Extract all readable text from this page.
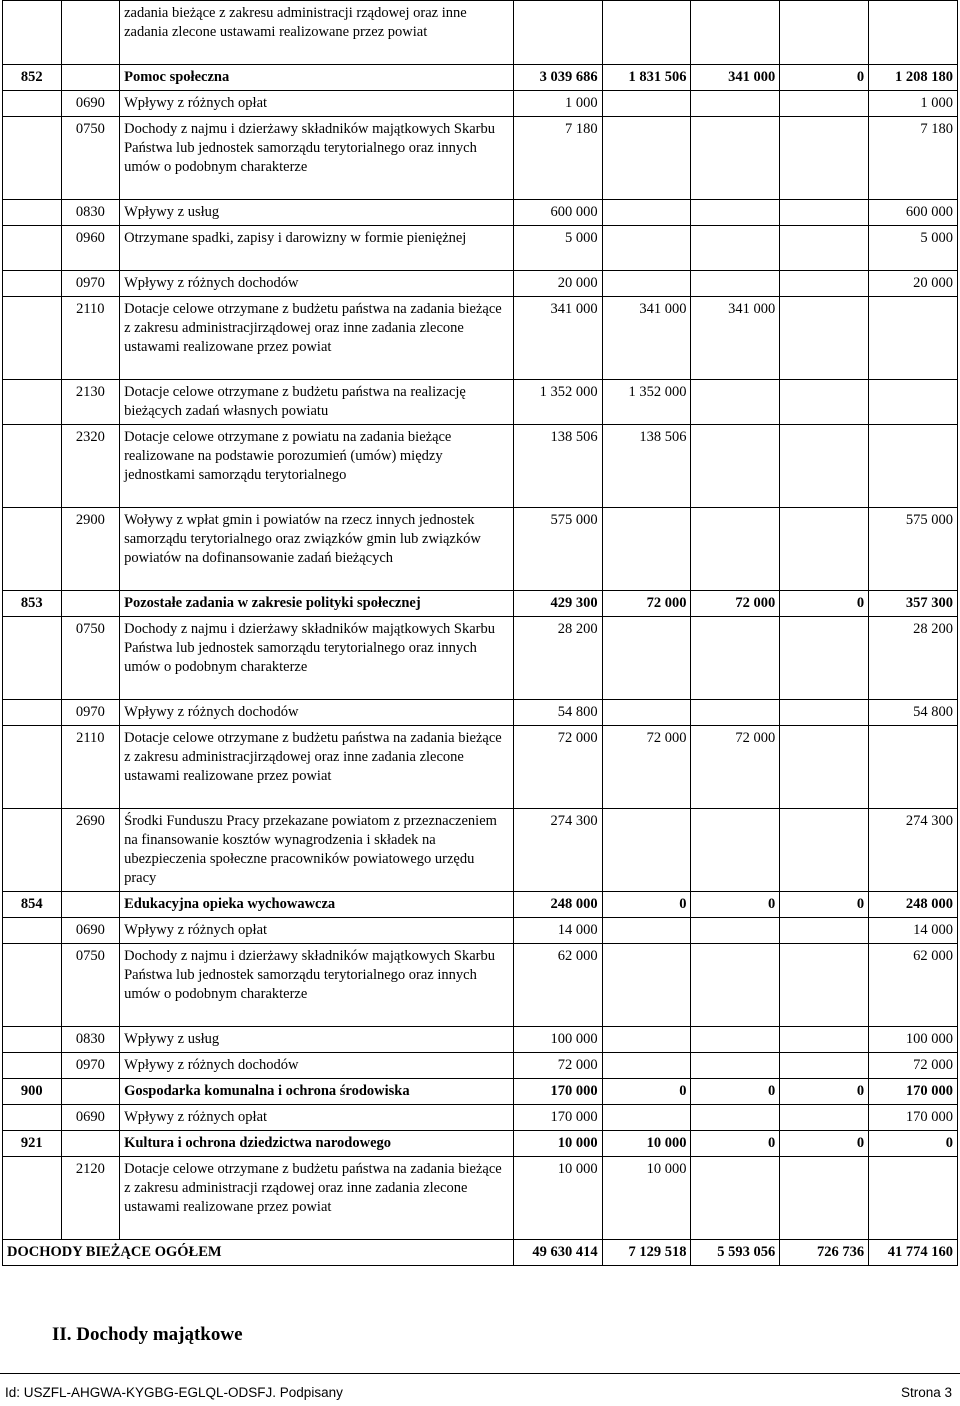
		zadania bieżące z zakresu administracji rządowej oraz inne zadania zlecone ustawami realizowane przez powiat					
852		Pomoc społeczna	3 039 686	1 831 506	341 000	0	1 208 180
	0690	Wpływy z różnych opłat	1 000				1 000
	0750	Dochody z najmu i dzierżawy składników majątkowych Skarbu Państwa lub jednostek samorządu terytorialnego oraz innych umów o podobnym charakterze	7 180				7 180
	0830	Wpływy z usług	600 000				600 000
	0960	Otrzymane spadki, zapisy i darowizny w formie pieniężnej	5 000				5 000
	0970	Wpływy z różnych dochodów	20 000				20 000
	2110	Dotacje celowe otrzymane z budżetu państwa na zadania bieżące z zakresu administracjirządowej oraz inne zadania zlecone ustawami realizowane przez powiat	341 000	341 000	341 000		
	2130	Dotacje celowe otrzymane z budżetu państwa na realizację bieżących zadań własnych powiatu	1 352 000	1 352 000			
	2320	Dotacje celowe otrzymane z powiatu na zadania bieżące realizowane na podstawie porozumień (umów) między jednostkami samorządu terytorialnego	138 506	138 506			
	2900	Woływy z wpłat gmin i powiatów na rzecz innych jednostek samorządu terytorialnego oraz związków gmin lub związków powiatów na dofinansowanie zadań bieżących	575 000				575 000
853		Pozostałe zadania w zakresie polityki społecznej	429 300	72 000	72 000	0	357 300
	0750	Dochody z najmu i dzierżawy składników majątkowych Skarbu Państwa lub jednostek samorządu terytorialnego oraz innych umów o podobnym charakterze	28 200				28 200
	0970	Wpływy z różnych dochodów	54 800				54 800
	2110	Dotacje celowe otrzymane z budżetu państwa na zadania bieżące z zakresu administracjirządowej oraz inne zadania zlecone ustawami realizowane przez powiat	72 000	72 000	72 000		
	2690	Środki Funduszu Pracy przekazane powiatom z przeznaczeniem na finansowanie kosztów wynagrodzenia i składek na ubezpieczenia społeczne pracowników powiatowego urzędu pracy	274 300				274 300
854		Edukacyjna opieka wychowawcza	248 000	0	0	0	248 000
	0690	Wpływy z różnych opłat	14 000				14 000
	0750	Dochody z najmu i dzierżawy składników majątkowych Skarbu Państwa lub jednostek samorządu terytorialnego oraz innych umów o podobnym charakterze	62 000				62 000
	0830	Wpływy z usług	100 000				100 000
	0970	Wpływy z różnych dochodów	72 000				72 000
900		Gospodarka komunalna i ochrona środowiska	170 000	0	0	0	170 000
	0690	Wpływy z różnych opłat	170 000				170 000
921		Kultura i ochrona dziedzictwa narodowego	10 000	10 000	0	0	0
	2120	Dotacje celowe otrzymane z budżetu państwa na zadania bieżące z zakresu administracji rządowej oraz inne zadania zlecone ustawami realizowane przez powiat	10 000	10 000			
DOCHODY BIEŻĄCE OGÓŁEM			49 630 414	7 129 518	5 593 056	726 736	41 774 160
II. Dochody majątkowe
Id: USZFL-AHGWA-KYGBG-EGLQL-ODSFJ. Podpisany	Strona 3
